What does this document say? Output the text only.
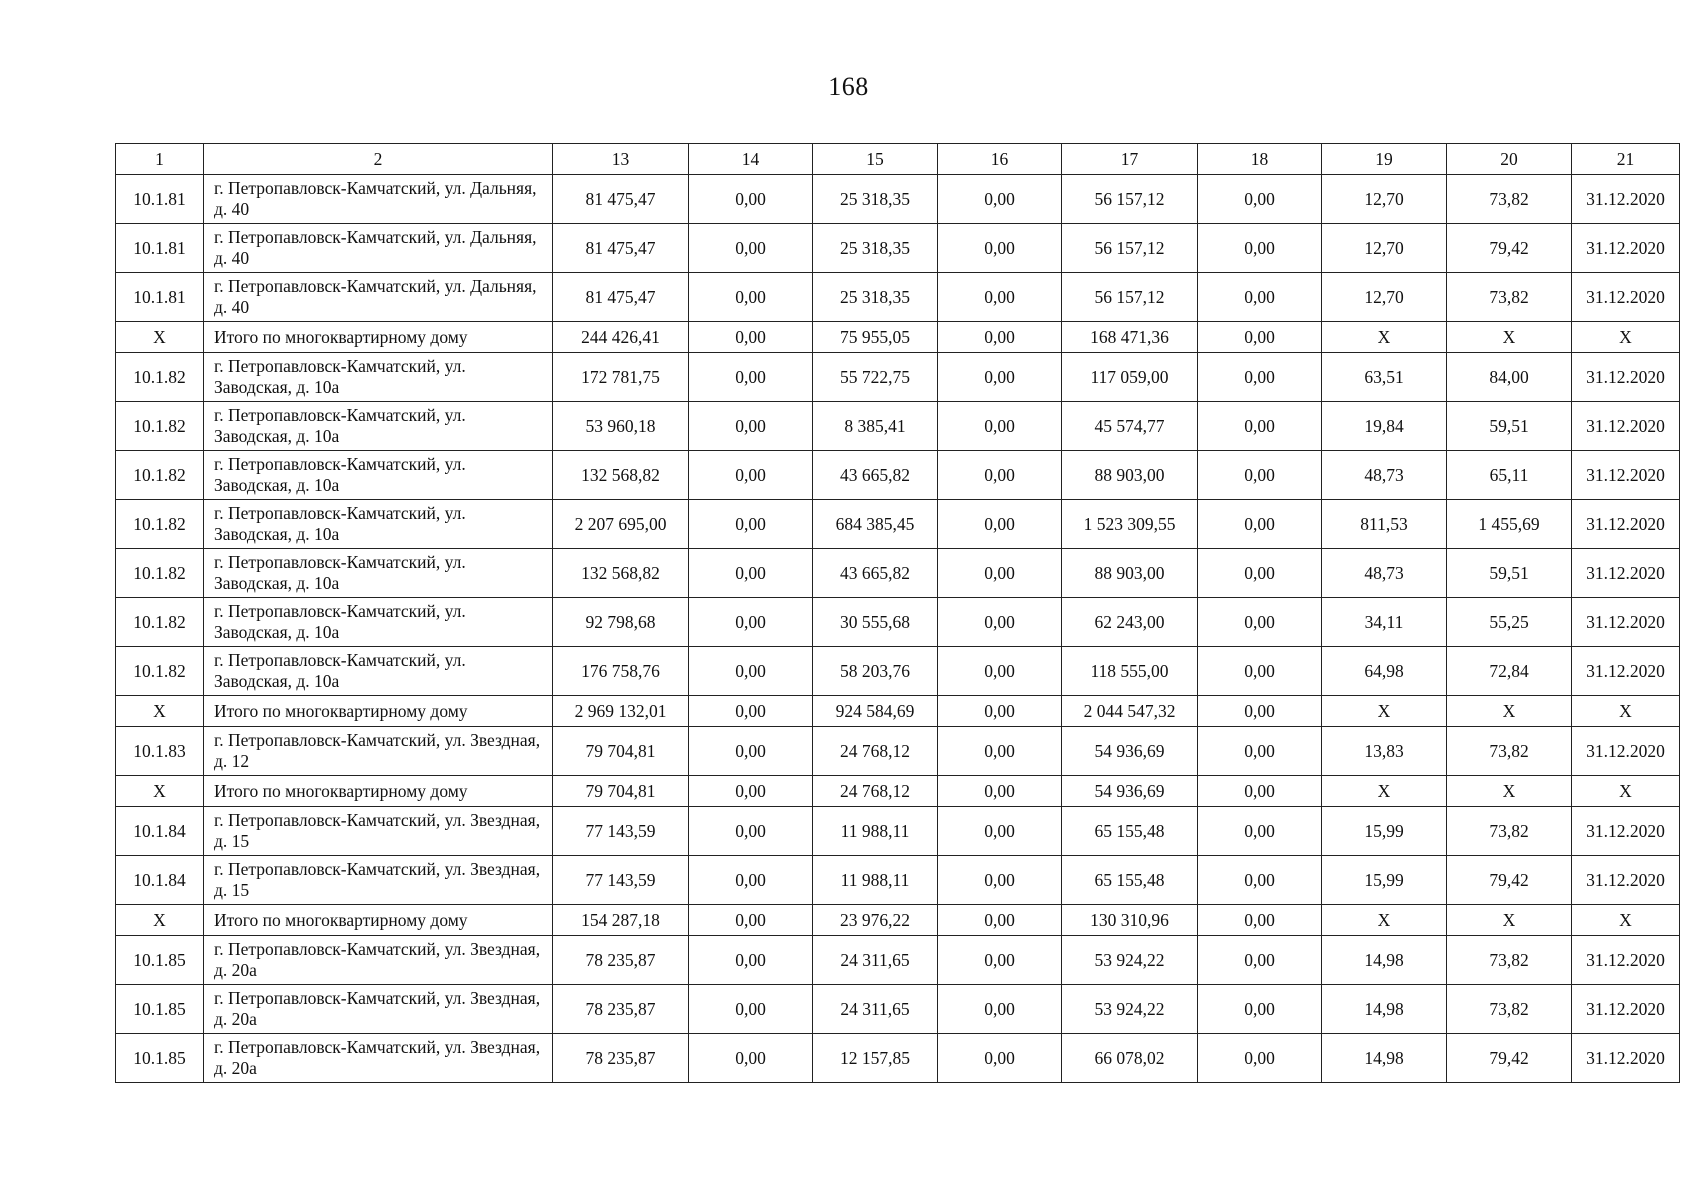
168
1	2	13	14	15	16	17	18	19	20	21
10.1.81	г. Петропавловск-Камчатский, ул. Дальняя, д. 40	81 475,47	0,00	25 318,35	0,00	56 157,12	0,00	12,70	73,82	31.12.2020
10.1.81	г. Петропавловск-Камчатский, ул. Дальняя, д. 40	81 475,47	0,00	25 318,35	0,00	56 157,12	0,00	12,70	79,42	31.12.2020
10.1.81	г. Петропавловск-Камчатский, ул. Дальняя, д. 40	81 475,47	0,00	25 318,35	0,00	56 157,12	0,00	12,70	73,82	31.12.2020
Х	Итого по многоквартирному дому	244 426,41	0,00	75 955,05	0,00	168 471,36	0,00	Х	Х	Х
10.1.82	г. Петропавловск-Камчатский, ул. Заводская, д. 10а	172 781,75	0,00	55 722,75	0,00	117 059,00	0,00	63,51	84,00	31.12.2020
10.1.82	г. Петропавловск-Камчатский, ул. Заводская, д. 10а	53 960,18	0,00	8 385,41	0,00	45 574,77	0,00	19,84	59,51	31.12.2020
10.1.82	г. Петропавловск-Камчатский, ул. Заводская, д. 10а	132 568,82	0,00	43 665,82	0,00	88 903,00	0,00	48,73	65,11	31.12.2020
10.1.82	г. Петропавловск-Камчатский, ул. Заводская, д. 10а	2 207 695,00	0,00	684 385,45	0,00	1 523 309,55	0,00	811,53	1 455,69	31.12.2020
10.1.82	г. Петропавловск-Камчатский, ул. Заводская, д. 10а	132 568,82	0,00	43 665,82	0,00	88 903,00	0,00	48,73	59,51	31.12.2020
10.1.82	г. Петропавловск-Камчатский, ул. Заводская, д. 10а	92 798,68	0,00	30 555,68	0,00	62 243,00	0,00	34,11	55,25	31.12.2020
10.1.82	г. Петропавловск-Камчатский, ул. Заводская, д. 10а	176 758,76	0,00	58 203,76	0,00	118 555,00	0,00	64,98	72,84	31.12.2020
Х	Итого по многоквартирному дому	2 969 132,01	0,00	924 584,69	0,00	2 044 547,32	0,00	Х	Х	Х
10.1.83	г. Петропавловск-Камчатский, ул. Звездная, д. 12	79 704,81	0,00	24 768,12	0,00	54 936,69	0,00	13,83	73,82	31.12.2020
Х	Итого по многоквартирному дому	79 704,81	0,00	24 768,12	0,00	54 936,69	0,00	Х	Х	Х
10.1.84	г. Петропавловск-Камчатский, ул. Звездная, д. 15	77 143,59	0,00	11 988,11	0,00	65 155,48	0,00	15,99	73,82	31.12.2020
10.1.84	г. Петропавловск-Камчатский, ул. Звездная, д. 15	77 143,59	0,00	11 988,11	0,00	65 155,48	0,00	15,99	79,42	31.12.2020
Х	Итого по многоквартирному дому	154 287,18	0,00	23 976,22	0,00	130 310,96	0,00	Х	Х	Х
10.1.85	г. Петропавловск-Камчатский, ул. Звездная, д. 20а	78 235,87	0,00	24 311,65	0,00	53 924,22	0,00	14,98	73,82	31.12.2020
10.1.85	г. Петропавловск-Камчатский, ул. Звездная, д. 20а	78 235,87	0,00	24 311,65	0,00	53 924,22	0,00	14,98	73,82	31.12.2020
10.1.85	г. Петропавловск-Камчатский, ул. Звездная, д. 20а	78 235,87	0,00	12 157,85	0,00	66 078,02	0,00	14,98	79,42	31.12.2020
